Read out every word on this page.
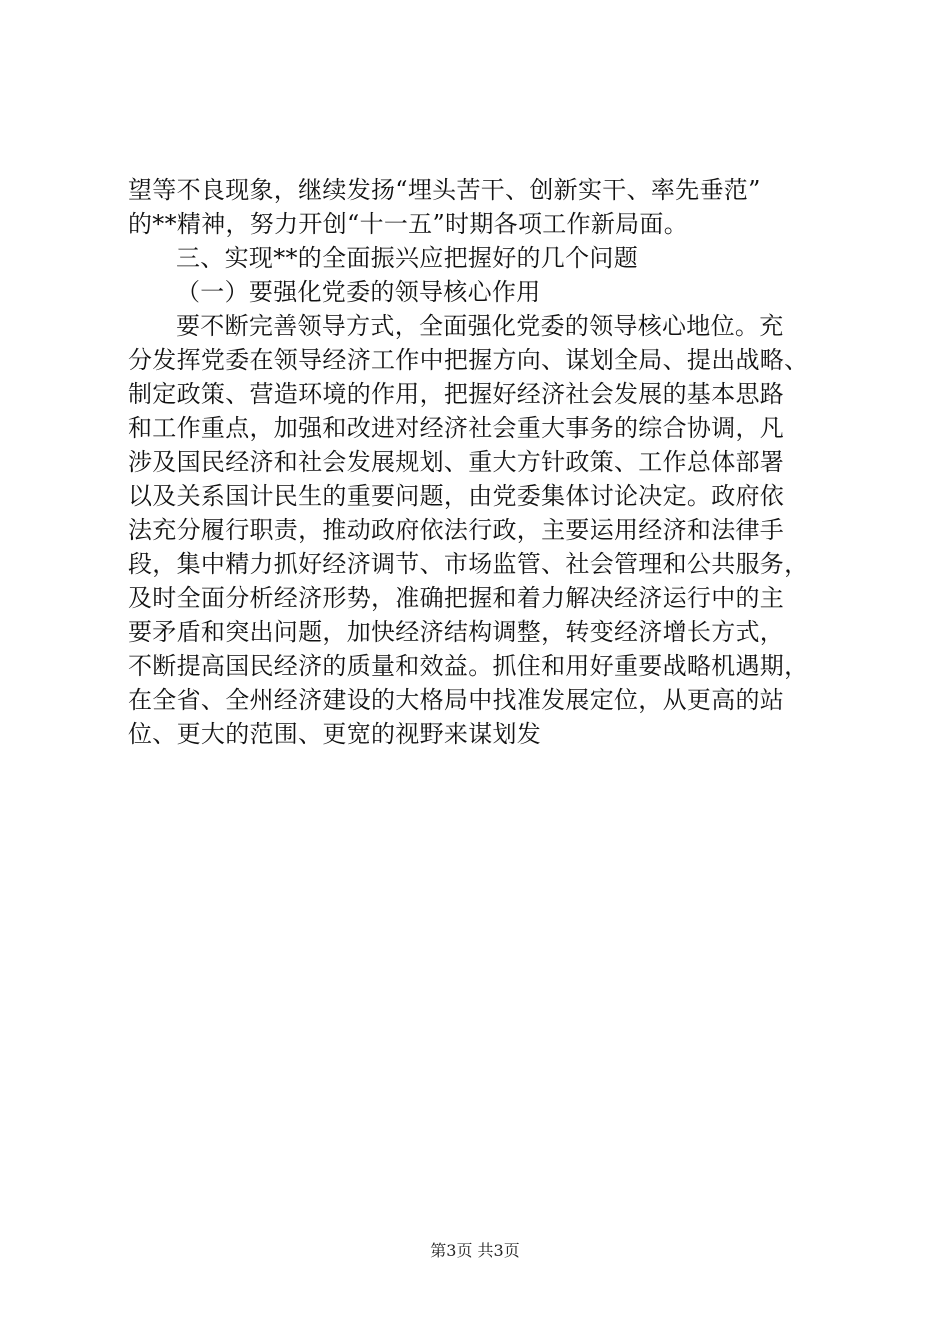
望等不良现象，继续发扬“埋头苦干、创新实干、率先垂范”
的**精神，努力开创“十一五”时期各项工作新局面。
三、实现**的全面振兴应把握好的几个问题
（一）要强化党委的领导核心作用
要不断完善领导方式，全面强化党委的领导核心地位。充
分发挥党委在领导经济工作中把握方向、谋划全局、提出战略、
制定政策、营造环境的作用，把握好经济社会发展的基本思路
和工作重点，加强和改进对经济社会重大事务的综合协调，凡
涉及国民经济和社会发展规划、重大方针政策、工作总体部署
以及关系国计民生的重要问题，由党委集体讨论决定。政府依
法充分履行职责，推动政府依法行政，主要运用经济和法律手
段，集中精力抓好经济调节、市场监管、社会管理和公共服务，
及时全面分析经济形势，准确把握和着力解决经济运行中的主
要矛盾和突出问题，加快经济结构调整，转变经济增长方式，
不断提高国民经济的质量和效益。抓住和用好重要战略机遇期，
在全省、全州经济建设的大格局中找准发展定位，从更高的站
位、更大的范围、更宽的视野来谋划发
第3页 共3页
